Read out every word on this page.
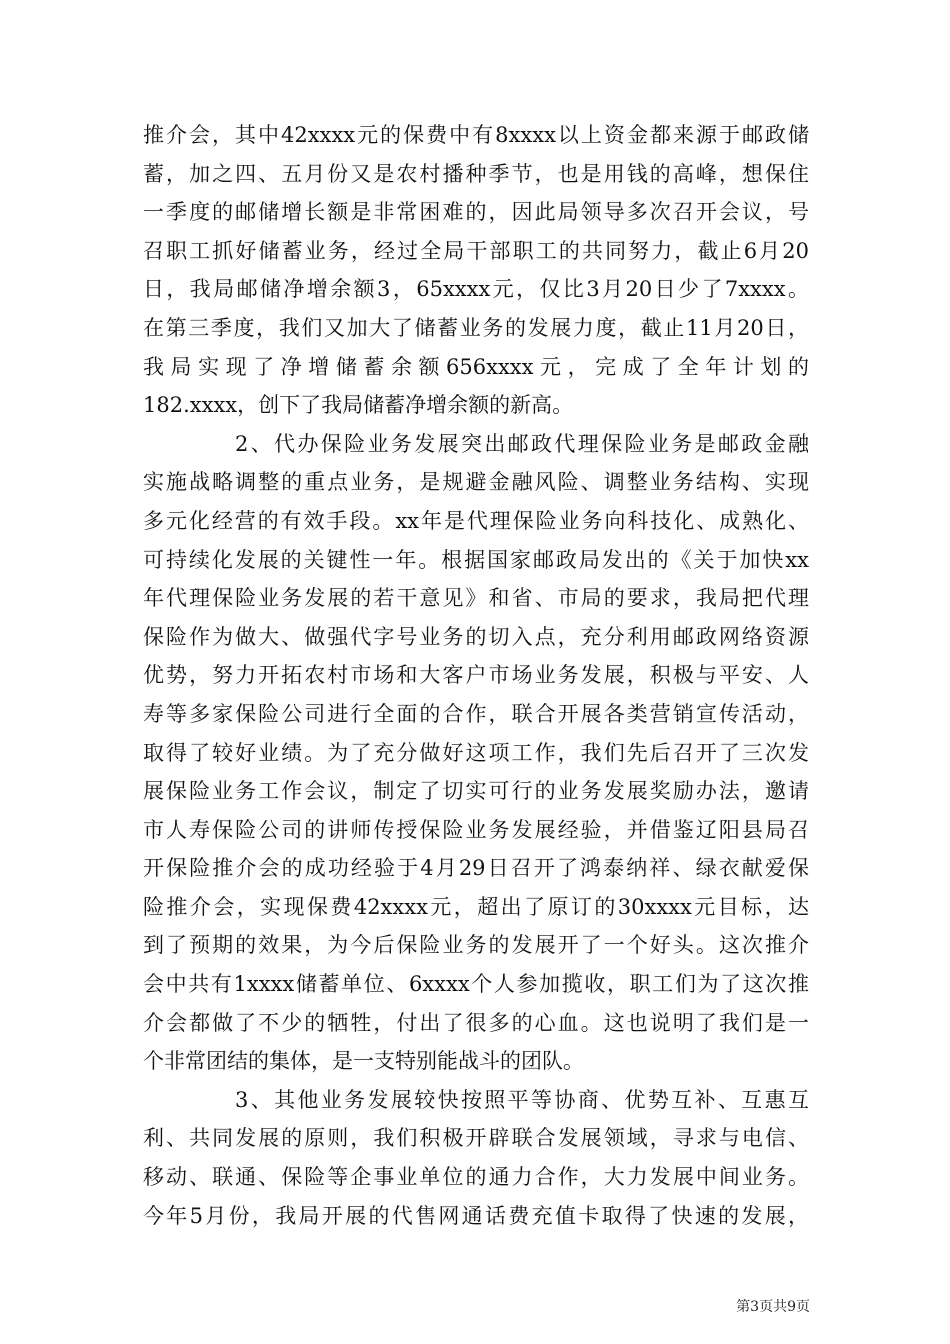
推介会，其中42xxxx元的保费中有8xxxx以上资金都来源于邮政储
蓄，加之四、五月份又是农村播种季节，也是用钱的高峰，想保住
一季度的邮储增长额是非常困难的，因此局领导多次召开会议，号
召职工抓好储蓄业务，经过全局干部职工的共同努力，截止6月20
日，我局邮储净增余额3，65xxxx元，仅比3月20日少了7xxxx。
在第三季度，我们又加大了储蓄业务的发展力度，截止11月20日，
我局实现了净增储蓄余额656xxxx元，完成了全年计划的
182.xxxx，创下了我局储蓄净增余额的新高。
2、代办保险业务发展突出邮政代理保险业务是邮政金融
实施战略调整的重点业务，是规避金融风险、调整业务结构、实现
多元化经营的有效手段。xx年是代理保险业务向科技化、成熟化、
可持续化发展的关键性一年。根据国家邮政局发出的《关于加快xx
年代理保险业务发展的若干意见》和省、市局的要求，我局把代理
保险作为做大、做强代字号业务的切入点，充分利用邮政网络资源
优势，努力开拓农村市场和大客户市场业务发展，积极与平安、人
寿等多家保险公司进行全面的合作，联合开展各类营销宣传活动，
取得了较好业绩。为了充分做好这项工作，我们先后召开了三次发
展保险业务工作会议，制定了切实可行的业务发展奖励办法，邀请
市人寿保险公司的讲师传授保险业务发展经验，并借鉴辽阳县局召
开保险推介会的成功经验于4月29日召开了鸿泰纳祥、绿衣献爱保
险推介会，实现保费42xxxx元，超出了原订的30xxxx元目标，达
到了预期的效果，为今后保险业务的发展开了一个好头。这次推介
会中共有1xxxx储蓄单位、6xxxx个人参加揽收，职工们为了这次推
介会都做了不少的牺牲，付出了很多的心血。这也说明了我们是一
个非常团结的集体，是一支特别能战斗的团队。
3、其他业务发展较快按照平等协商、优势互补、互惠互
利、共同发展的原则，我们积极开辟联合发展领域，寻求与电信、
移动、联通、保险等企事业单位的通力合作，大力发展中间业务。
今年5月份，我局开展的代售网通话费充值卡取得了快速的发展，
第3页共9页
